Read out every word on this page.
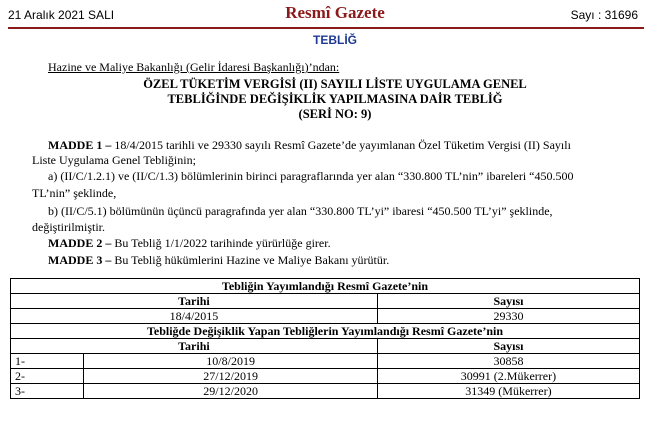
21 Aralık 2021 SALI	Resmî Gazete	Sayı : 31696
TEBLİĞ
Hazine ve Maliye Bakanlığı (Gelir İdaresi Başkanlığı)’ndan:
ÖZEL TÜKETİM VERGİSİ (II) SAYILI LİSTE UYGULAMA GENEL
TEBLİĞİNDE DEĞİŞİKLİK YAPILMASINA DAİR TEBLİĞ
(SERİ NO: 9)
MADDE 1 – 18/4/2015 tarihli ve 29330 sayılı Resmî Gazete’de yayımlanan Özel Tüketim Vergisi (II) Sayılı
Liste Uygulama Genel Tebliğinin;
a) (II/C/1.2.1) ve (II/C/1.3) bölümlerinin birinci paragraflarında yer alan “330.800 TL’nin” ibareleri “450.500
TL’nin” şeklinde,
b) (II/C/5.1) bölümünün üçüncü paragrafında yer alan “330.800 TL’yi” ibaresi “450.500 TL’yi” şeklinde,
değiştirilmiştir.
MADDE 2 – Bu Tebliğ 1/1/2022 tarihinde yürürlüğe girer.
MADDE 3 – Bu Tebliğ hükümlerini Hazine ve Maliye Bakanı yürütür.
Tebliğin Yayımlandığı Resmî Gazete’nin		
Tarihi		Sayısı
18/4/2015		29330
Tebliğde Değişiklik Yapan Tebliğlerin Yayımlandığı Resmî Gazete’nin		
Tarihi		Sayısı
1-	10/8/2019	30858
2-	27/12/2019	30991 (2.Mükerrer)
3-	29/12/2020	31349 (Mükerrer)
